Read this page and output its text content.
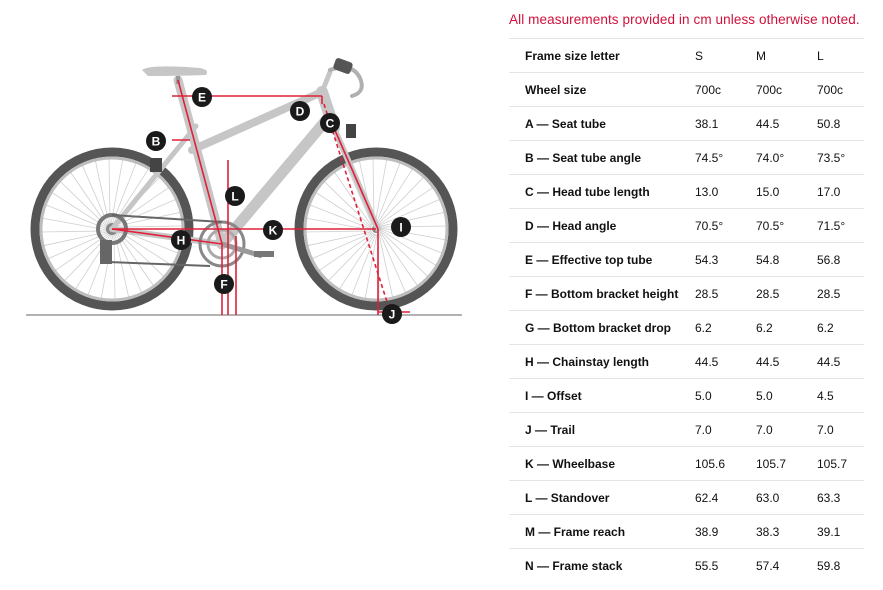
B
C
D
E
F
H
I
J
K
L
All measurements provided in cm unless otherwise noted.
Frame size letter	S	M	L
Wheel size	700c	700c	700c
A — Seat tube	38.1	44.5	50.8
B — Seat tube angle	74.5°	74.0°	73.5°
C — Head tube length	13.0	15.0	17.0
D — Head angle	70.5°	70.5°	71.5°
E — Effective top tube	54.3	54.8	56.8
F — Bottom bracket height	28.5	28.5	28.5
G — Bottom bracket drop	6.2	6.2	6.2
H — Chainstay length	44.5	44.5	44.5
I — Offset	5.0	5.0	4.5
J — Trail	7.0	7.0	7.0
K — Wheelbase	105.6	105.7	105.7
L — Standover	62.4	63.0	63.3
M — Frame reach	38.9	38.3	39.1
N — Frame stack	55.5	57.4	59.8
